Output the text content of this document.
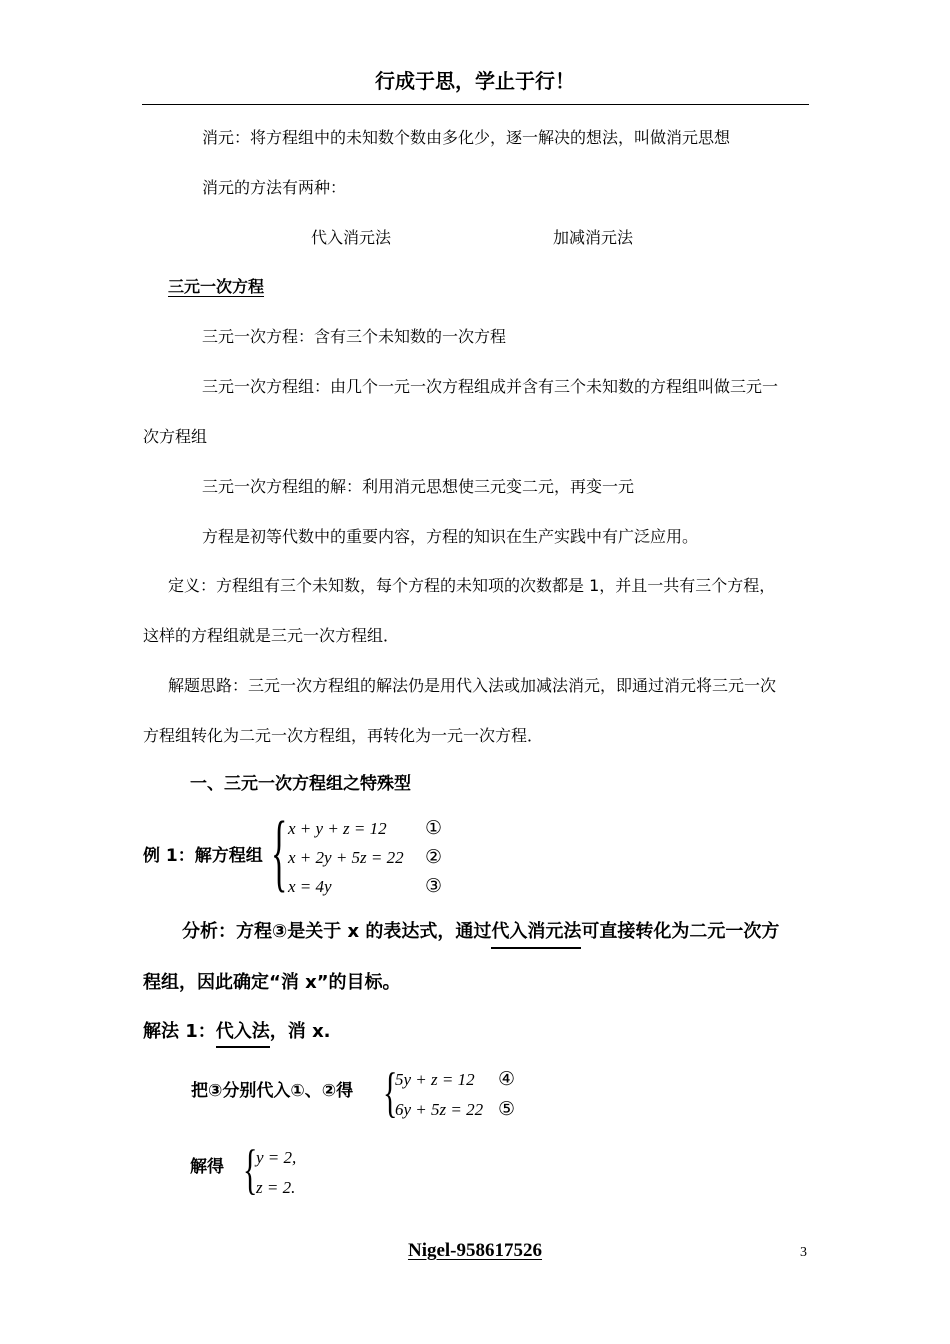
行成于思，学止于行！
消元：将方程组中的未知数个数由多化少，逐一解决的想法，叫做消元思想
消元的方法有两种：
代入消元法	加减消元法
三元一次方程
三元一次方程：含有三个未知数的一次方程
三元一次方程组：由几个一元一次方程组成并含有三个未知数的方程组叫做三元一
次方程组
三元一次方程组的解：利用消元思想使三元变二元，再变一元
方程是初等代数中的重要内容，方程的知识在生产实践中有广泛应用。
定义：方程组有三个未知数，每个方程的未知项的次数都是 1，并且一共有三个方程，
这样的方程组就是三元一次方程组．
解题思路：三元一次方程组的解法仍是用代入法或加减法消元，即通过消元将三元一次
方程组转化为二元一次方程组，再转化为一元一次方程．
一、三元一次方程组之特殊型
例 1：解方程组 { x + y + z = 12 ①
x + 2y + 5z = 22 ②
x = 4y	③
分析：方程③是关于 x 的表达式，通过代入消元法可直接转化为二元一次方
程组，因此确定“消 x”的目标。
解法 1：代入法，消 x.
把③分别代入①、②得 {
5y + z = 12 ④
6y + 5z = 22 ⑤
解得 {
y = 2,
z = 2.
Nigel-958617526	3
